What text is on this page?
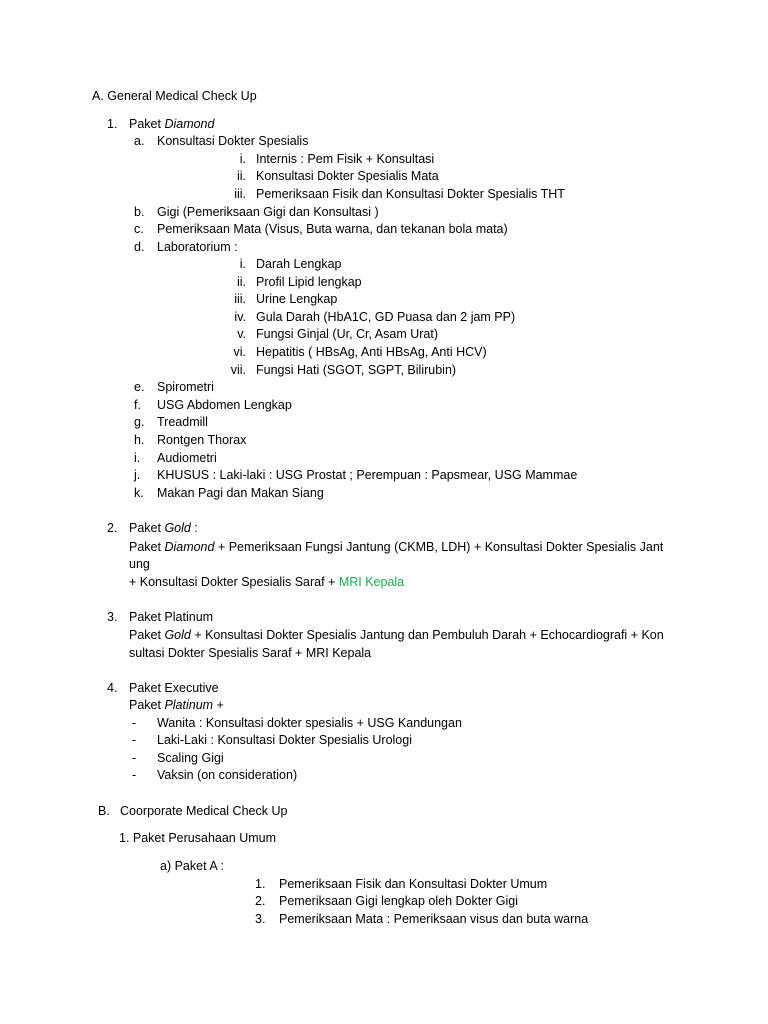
A. General Medical Check Up
1. Paket Diamond
a. Konsultasi Dokter Spesialis
i. Internis : Pem Fisik + Konsultasi
ii. Konsultasi Dokter Spesialis Mata
iii. Pemeriksaan Fisik dan Konsultasi Dokter Spesialis THT
b. Gigi (Pemeriksaan Gigi dan Konsultasi )
c. Pemeriksaan Mata (Visus, Buta warna, dan tekanan bola mata)
d. Laboratorium :
i. Darah Lengkap
ii. Profil Lipid lengkap
iii. Urine Lengkap
iv. Gula Darah (HbA1C, GD Puasa dan 2 jam PP)
v. Fungsi Ginjal (Ur, Cr, Asam Urat)
vi. Hepatitis ( HBsAg, Anti HBsAg, Anti HCV)
vii. Fungsi Hati (SGOT, SGPT, Bilirubin)
e. Spirometri
f. USG Abdomen Lengkap
g. Treadmill
h. Rontgen Thorax
i. Audiometri
j. KHUSUS : Laki-laki : USG Prostat ; Perempuan : Papsmear, USG Mammae
k. Makan Pagi dan Makan Siang
2. Paket Gold :
Paket Diamond + Pemeriksaan Fungsi Jantung (CKMB, LDH) + Konsultasi Dokter Spesialis Jant
ung
+ Konsultasi Dokter Spesialis Saraf + MRI Kepala
3. Paket Platinum
Paket Gold + Konsultasi Dokter Spesialis Jantung dan Pembuluh Darah + Echocardiografi + Kon
sultasi Dokter Spesialis Saraf + MRI Kepala
4. Paket Executive
Paket Platinum +
- Wanita : Konsultasi dokter spesialis + USG Kandungan
- Laki-Laki : Konsultasi Dokter Spesialis Urologi
- Scaling Gigi
- Vaksin (on consideration)
B. Coorporate Medical Check Up
1. Paket Perusahaan Umum
a) Paket A :
1. Pemeriksaan Fisik dan Konsultasi Dokter Umum
2. Pemeriksaan Gigi lengkap oleh Dokter Gigi
3. Pemeriksaan Mata : Pemeriksaan visus dan buta warna
